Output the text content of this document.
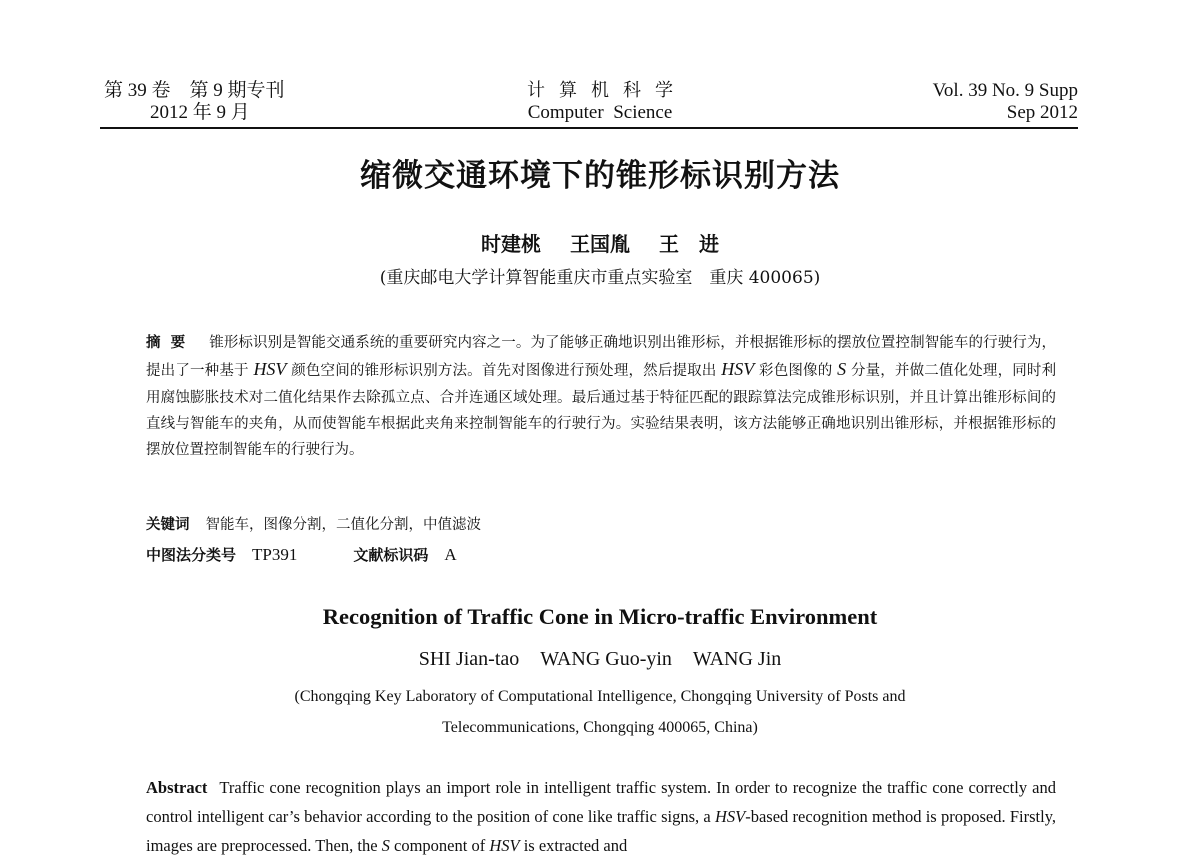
第 39 卷　第 9 期专刊
2012 年 9 月
计算机科学
Computer  Science
Vol. 39 No. 9 Supp
Sep 2012
缩微交通环境下的锥形标识别方法
时建桃 王国胤 王　进
(重庆邮电大学计算智能重庆市重点实验室　重庆 400065)
摘要 锥形标识别是智能交通系统的重要研究内容之一。为了能够正确地识别出锥形标，并根据锥形标的摆放位置控制智能车的行驶行为，提出了一种基于 HSV 颜色空间的锥形标识别方法。首先对图像进行预处理，然后提取出 HSV 彩色图像的 S 分量，并做二值化处理，同时利用腐蚀膨胀技术对二值化结果作去除孤立点、合并连通区域处理。最后通过基于特征匹配的跟踪算法完成锥形标识别，并且计算出锥形标间的直线与智能车的夹角，从而使智能车根据此夹角来控制智能车的行驶行为。实验结果表明，该方法能够正确地识别出锥形标，并根据锥形标的摆放位置控制智能车的行驶行为。
关键词 智能车，图像分割，二值化分割，中值滤波
中图法分类号 TP391	文献标识码 A
Recognition of Traffic Cone in Micro-traffic Environment
SHI Jian-tao WANG Guo-yin WANG Jin
(Chongqing Key Laboratory of Computational Intelligence, Chongqing University of Posts and
Telecommunications, Chongqing 400065, China)
Abstract Traffic cone recognition plays an import role in intelligent traffic system. In order to recognize the traffic cone correctly and control intelligent car’s behavior according to the position of cone like traffic signs, a HSV-based recognition method is proposed. Firstly, images are preprocessed. Then, the S component of HSV is extracted and
